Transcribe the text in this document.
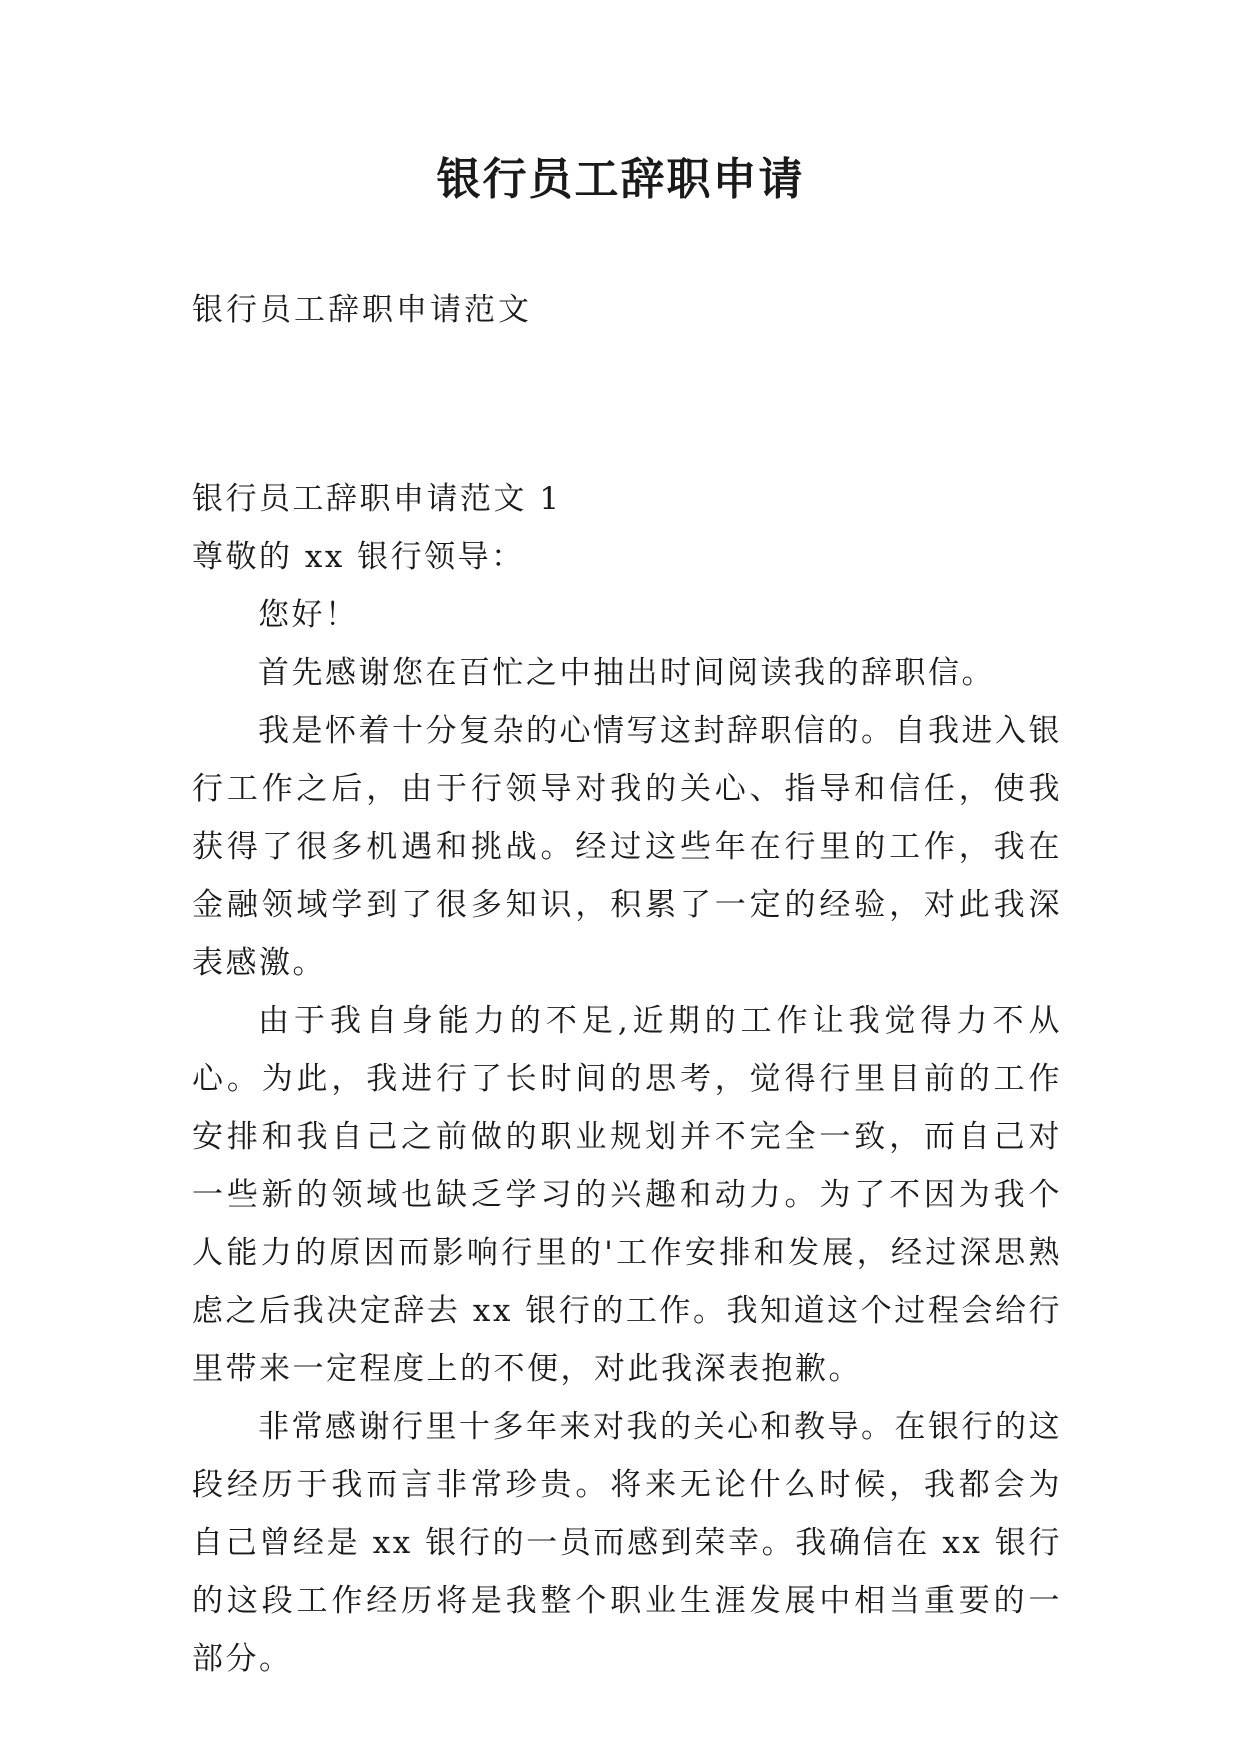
银行员工辞职申请

银行员工辞职申请范文

银行员工辞职申请范文 1

尊敬的 xx 银行领导：

您好！

首先感谢您在百忙之中抽出时间阅读我的辞职信。

我是怀着十分复杂的心情写这封辞职信的。自我进入银行工作之后，由于行领导对我的关心、指导和信任，使我获得了很多机遇和挑战。经过这些年在行里的工作，我在金融领域学到了很多知识，积累了一定的经验，对此我深表感激。

由于我自身能力的不足,近期的工作让我觉得力不从心。为此，我进行了长时间的思考，觉得行里目前的工作安排和我自己之前做的职业规划并不完全一致，而自己对一些新的领域也缺乏学习的兴趣和动力。为了不因为我个人能力的原因而影响行里的'工作安排和发展，经过深思熟虑之后我决定辞去 xx 银行的工作。我知道这个过程会给行里带来一定程度上的不便，对此我深表抱歉。

非常感谢行里十多年来对我的关心和教导。在银行的这段经历于我而言非常珍贵。将来无论什么时候，我都会为自己曾经是 xx 银行的一员而感到荣幸。我确信在 xx 银行的这段工作经历将是我整个职业生涯发展中相当重要的一部分。
